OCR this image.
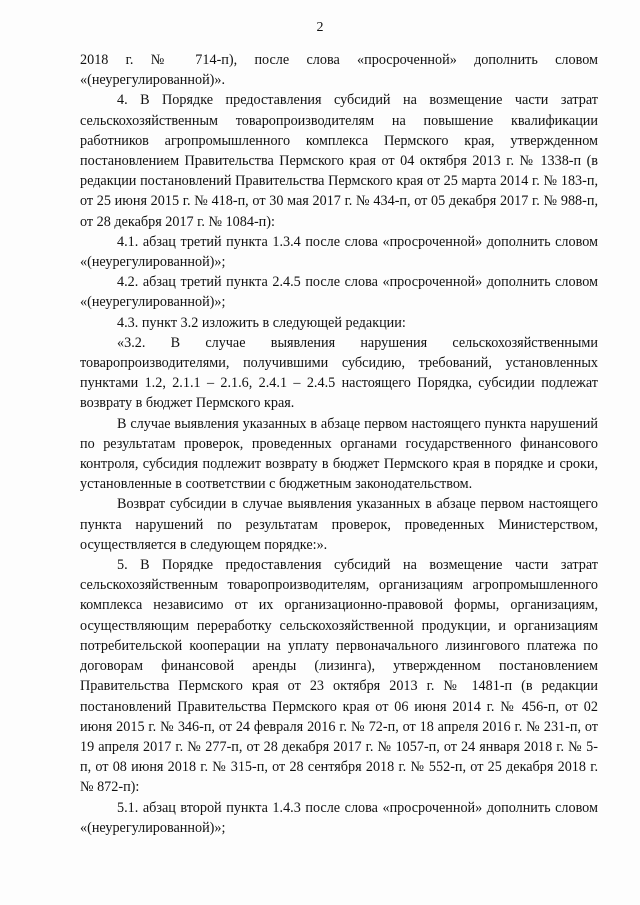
2

2018 г. № 714-п), после слова «просроченной» дополнить словом «(неурегулированной)».

4. В Порядке предоставления субсидий на возмещение части затрат сельскохозяйственным товаропроизводителям на повышение квалификации работников агропромышленного комплекса Пермского края, утвержденном постановлением Правительства Пермского края от 04 октября 2013 г. № 1338-п (в редакции постановлений Правительства Пермского края от 25 марта 2014 г. № 183-п, от 25 июня 2015 г. № 418-п, от 30 мая 2017 г. № 434-п, от 05 декабря 2017 г. № 988-п, от 28 декабря 2017 г. № 1084-п):

4.1. абзац третий пункта 1.3.4 после слова «просроченной» дополнить словом «(неурегулированной)»;

4.2. абзац третий пункта 2.4.5 после слова «просроченной» дополнить словом «(неурегулированной)»;

4.3. пункт 3.2 изложить в следующей редакции:

«3.2. В случае выявления нарушения сельскохозяйственными товаропроизводителями, получившими субсидию, требований, установленных пунктами 1.2, 2.1.1 – 2.1.6, 2.4.1 – 2.4.5 настоящего Порядка, субсидии подлежат возврату в бюджет Пермского края.

В случае выявления указанных в абзаце первом настоящего пункта нарушений по результатам проверок, проведенных органами государственного финансового контроля, субсидия подлежит возврату в бюджет Пермского края в порядке и сроки, установленные в соответствии с бюджетным законодательством.

Возврат субсидии в случае выявления указанных в абзаце первом настоящего пункта нарушений по результатам проверок, проведенных Министерством, осуществляется в следующем порядке:».

5. В Порядке предоставления субсидий на возмещение части затрат сельскохозяйственным товаропроизводителям, организациям агропромышленного комплекса независимо от их организационно-правовой формы, организациям, осуществляющим переработку сельскохозяйственной продукции, и организациям потребительской кооперации на уплату первоначального лизингового платежа по договорам финансовой аренды (лизинга), утвержденном постановлением Правительства Пермского края от 23 октября 2013 г. № 1481-п (в редакции постановлений Правительства Пермского края от 06 июня 2014 г. № 456-п, от 02 июня 2015 г. № 346-п, от 24 февраля 2016 г. № 72-п, от 18 апреля 2016 г. № 231-п, от 19 апреля 2017 г. № 277-п, от 28 декабря 2017 г. № 1057-п, от 24 января 2018 г. № 5-п, от 08 июня 2018 г. № 315-п, от 28 сентября 2018 г. № 552-п, от 25 декабря 2018 г. № 872-п):

5.1. абзац второй пункта 1.4.3 после слова «просроченной» дополнить словом «(неурегулированной)»;
